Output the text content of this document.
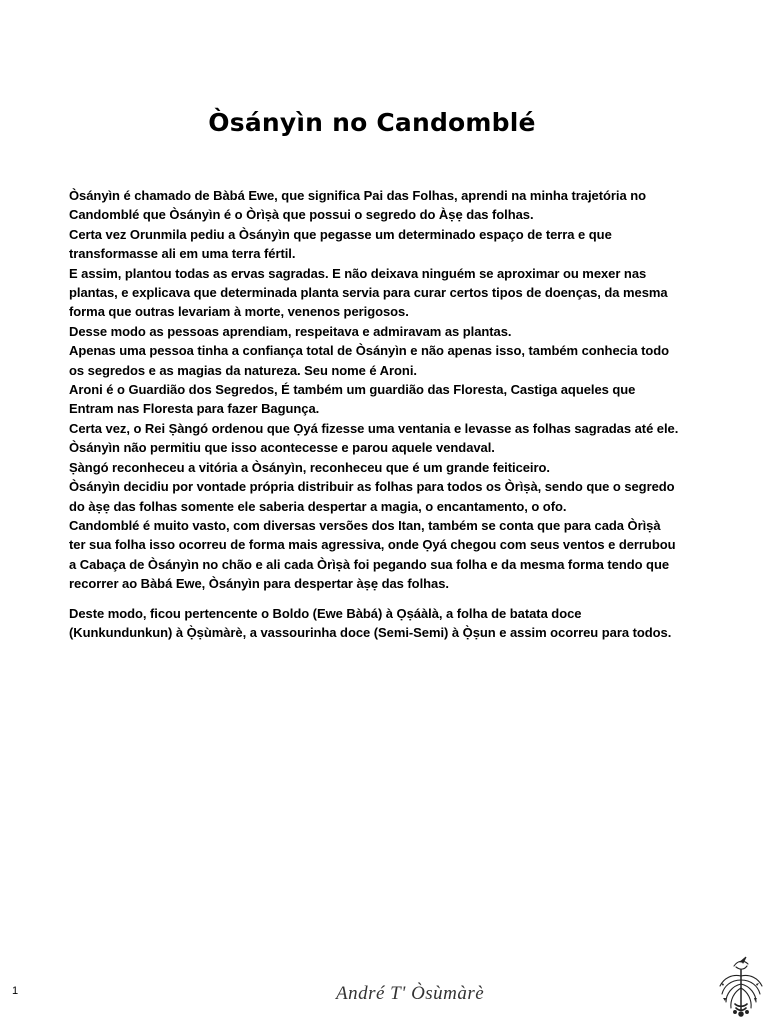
Òsányìn no Candomblé

Òsányìn é chamado de Bàbá Ewe, que significa Pai das Folhas, aprendi na minha trajetória no

Candomblé que Òsányìn é o Òrìṣà que possui o segredo do Àṣẹ das folhas.

Certa vez Orunmila pediu a Òsányìn que pegasse um determinado espaço de terra e que

transformasse ali em uma terra fértil.

E assim, plantou todas as ervas sagradas. E não deixava ninguém se aproximar ou mexer nas

plantas, e explicava que determinada planta servia para curar certos tipos de doenças, da mesma

forma que outras levariam à morte, venenos perigosos.

Desse modo as pessoas aprendiam, respeitava e admiravam as plantas.

Apenas uma pessoa tinha a confiança total de Òsányìn e não apenas isso, também conhecia todo

os segredos e as magias da natureza. Seu nome é Aroni.

Aroni é o Guardião dos Segredos, É também um guardião das Floresta, Castiga aqueles que

Entram nas Floresta para fazer Bagunça.

Certa vez, o Rei Ṣàngó ordenou que Ọyá fizesse uma ventania e levasse as folhas sagradas até ele.

Òsányìn não permitiu que isso acontecesse e parou aquele vendaval.

Ṣàngó reconheceu a vitória a Òsányìn, reconheceu que é um grande feiticeiro.

Òsányìn decidiu por vontade própria distribuir as folhas para todos os Òrìṣà, sendo que o segredo

do àṣẹ das folhas somente ele saberia despertar a magia, o encantamento, o ofo.

Candomblé é muito vasto, com diversas versões dos Itan, também se conta que para cada Òrìṣà

ter sua folha isso ocorreu de forma mais agressiva, onde Ọyá chegou com seus ventos e derrubou

a Cabaça de Òsányìn no chão e ali cada Òrìṣà foi pegando sua folha e da mesma forma tendo que

recorrer ao Bàbá Ewe, Òsányìn para despertar àṣẹ das folhas.

Deste modo, ficou pertencente o Boldo (Ewe Bàbá) à Ọṣáàlà, a folha de batata doce

(Kunkundunkun) à Ọ̀ṣùmàrè, a vassourinha doce (Semi-Semi) à Ọ̀ṣun e assim ocorreu para todos.

1	André T' Òsùmàrè
